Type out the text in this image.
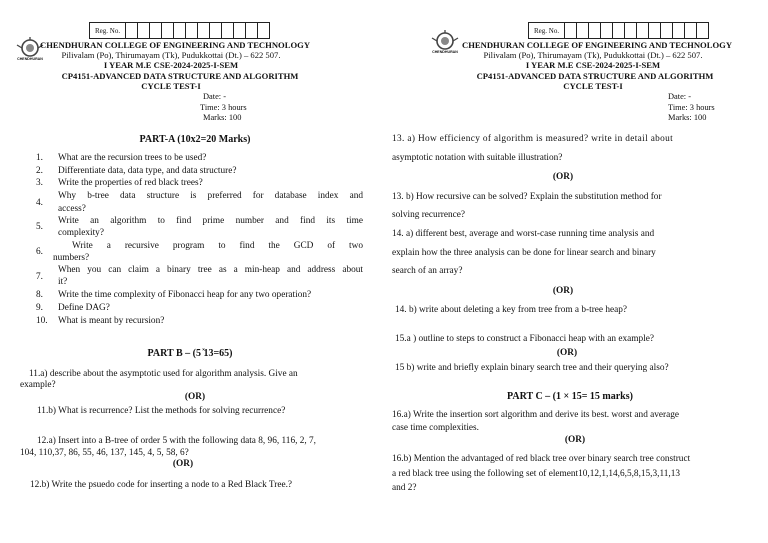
Reg. No.
CHENDHURAN
CHENDHURAN COLLEGE OF ENGINEERING AND TECHNOLOGY
Pilivalam (Po), Thirumayam (Tk), Pudukkottai (Dt.) – 622 507.
I YEAR M.E CSE-2024-2025-I-SEM
CP4151-ADVANCED DATA STRUCTURE AND ALGORITHM
CYCLE TEST-I
Date: -
Time: 3 hours
Marks: 100
PART-A (10x2=20 Marks)
1. What are the recursion trees to be used?
2. Differentiate data, data type, and data structure?
3. Write the properties of red black trees?
4.
Why b-tree data structure is preferred for database index and
access?
5.
Write an algorithm to find prime number and find its time
complexity?
6.
Write a recursive program to find the GCD of two
numbers?
7.
When you can claim a binary tree as a min-heap and address about
it?
8. Write the time complexity of Fibonacci heap for any two operation?
9. Define DAG?
10. What is meant by recursion?
PART B – (5 ̽13=65)
11.a) describe about the asymptotic used for algorithm analysis. Give an
example?
(OR)
11.b) What is recurrence? List the methods for solving recurrence?
12.a) Insert into a B-tree of order 5 with the following data 8, 96, 116, 2, 7,
104, 110,37, 86, 55, 46, 137, 145, 4, 5, 58, 6?
(OR)
12.b) Write the psuedo code for inserting a node to a Red Black Tree.?
Reg. No.
CHENDHURAN
CHENDHURAN COLLEGE OF ENGINEERING AND TECHNOLOGY
Pilivalam (Po), Thirumayam (Tk), Pudukkottai (Dt.) – 622 507.
I YEAR M.E CSE-2024-2025-I-SEM
CP4151-ADVANCED DATA STRUCTURE AND ALGORITHM
CYCLE TEST-I
Date: -
Time: 3 hours
Marks: 100
13. a) How efficiency of algorithm is measured? write in detail about
asymptotic notation with suitable illustration?
(OR)
13. b) How recursive can be solved? Explain the substitution method for
solving recurrence?
14. a) different best, average and worst-case running time analysis and
explain how the three analysis can be done for linear search and binary
search of an array?
(OR)
14. b) write about deleting a key from tree from a b-tree heap?
15.a ) outline to steps to construct a Fibonacci heap with an example?
(OR)
15 b) write and briefly explain binary search tree and their querying also?
PART C – (1 × 15= 15 marks)
16.a) Write the insertion sort algorithm and derive its best. worst and average
case time complexities.
(OR)
16.b) Mention the advantaged of red black tree over binary search tree construct
a red black tree using the following set of element10,12,1,14,6,5,8,15,3,11,13
and 2?
